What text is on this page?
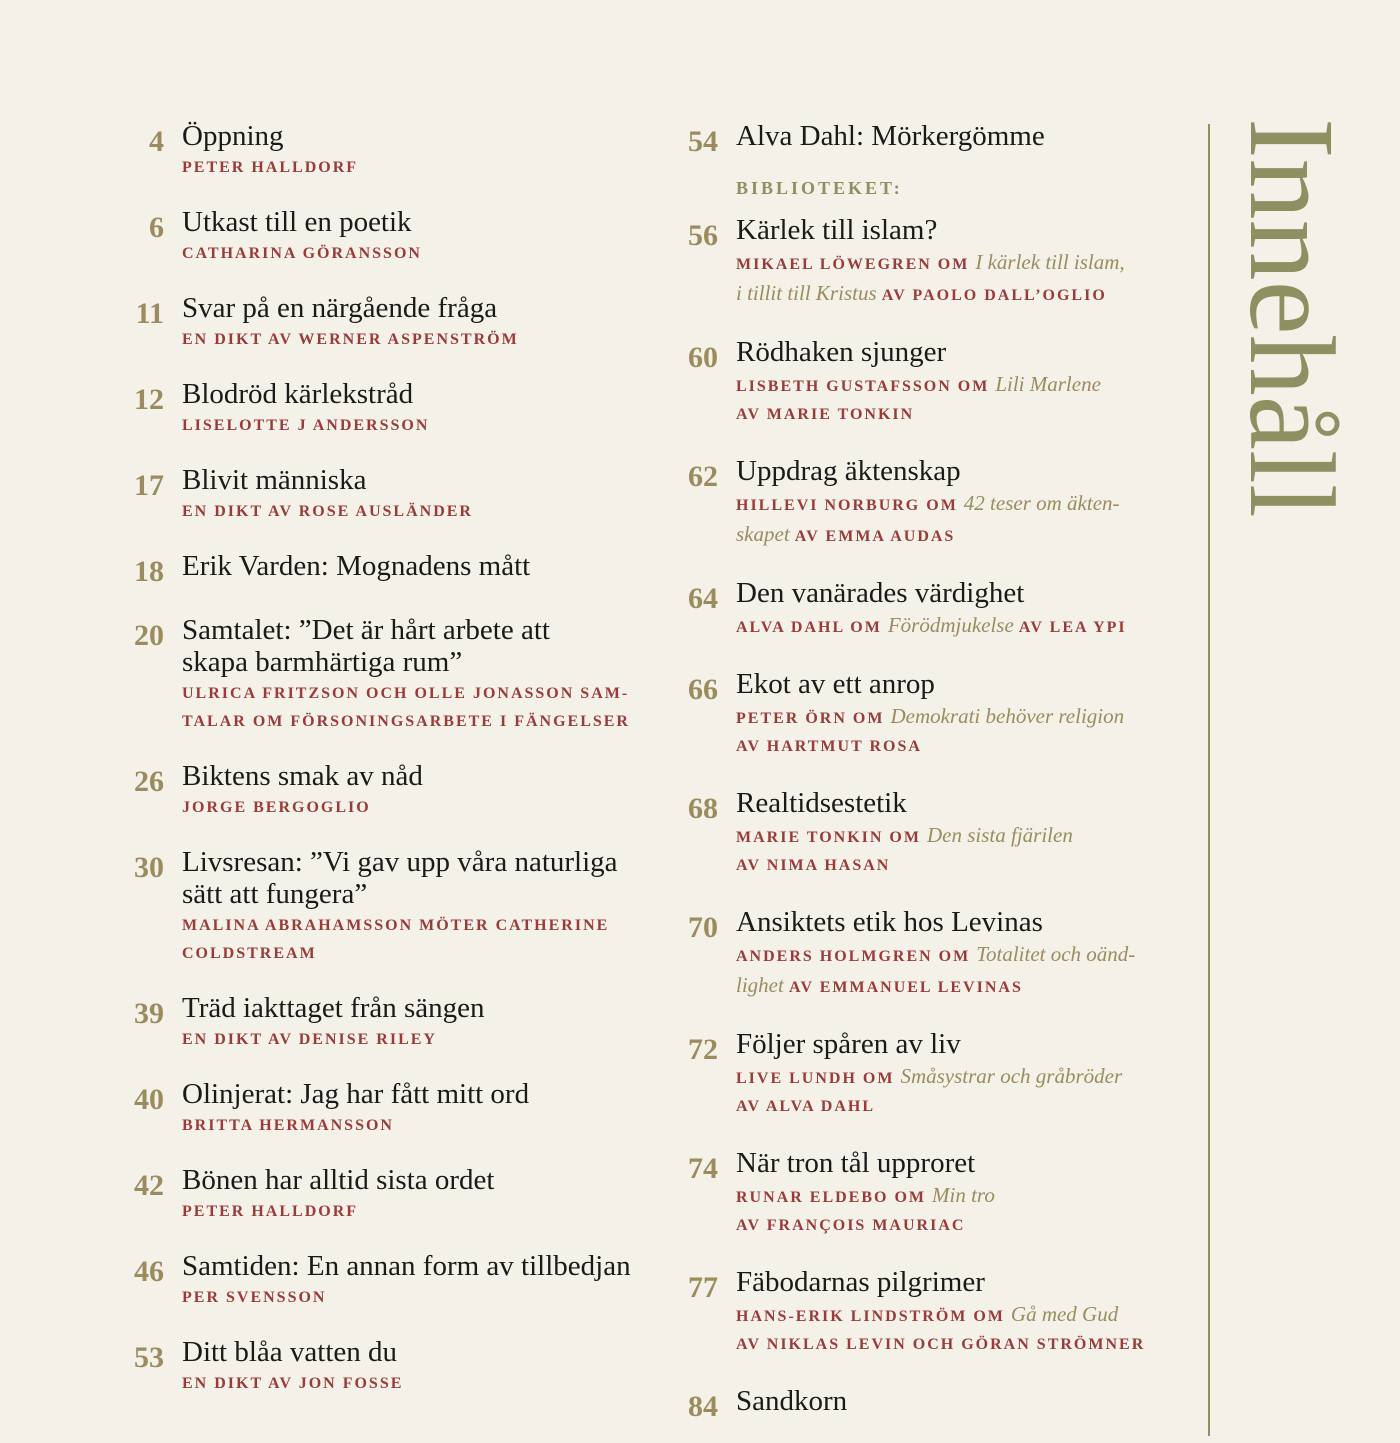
4 Öppning
PETER HALLDORF
6 Utkast till en poetik
CATHARINA GÖRANSSON
11 Svar på en närgående fråga
EN DIKT AV WERNER ASPENSTRÖM
12 Blodröd kärlekstråd
LISELOTTE J ANDERSSON
17 Blivit människa
EN DIKT AV ROSE AUSLÄNDER
18 Erik Varden: Mognadens mått
20 Samtalet: ”Det är hårt arbete att
skapa barmhärtiga rum”
ULRICA FRITZSON OCH OLLE JONASSON SAM-
TALAR OM FÖRSONINGSARBETE I FÄNGELSER
26 Biktens smak av nåd
JORGE BERGOGLIO
30 Livsresan: ”Vi gav upp våra naturliga
sätt att fungera”
MALINA ABRAHAMSSON MÖTER CATHERINE
COLDSTREAM
39 Träd iakttaget från sängen
EN DIKT AV DENISE RILEY
40 Olinjerat: Jag har fått mitt ord
BRITTA HERMANSSON
42 Bönen har alltid sista ordet
PETER HALLDORF
46 Samtiden: En annan form av tillbedjan
PER SVENSSON
53 Ditt blåa vatten du
EN DIKT AV JON FOSSE
54 Alva Dahl: Mörkergömme
BIBLIOTEKET:
56 Kärlek till islam?
MIKAEL LÖWEGREN OM I kärlek till islam,
i tillit till Kristus AV PAOLO DALL’OGLIO
60 Rödhaken sjunger
LISBETH GUSTAFSSON OM Lili Marlene
AV MARIE TONKIN
62 Uppdrag äktenskap
HILLEVI NORBURG OM 42 teser om äkten-
skapet AV EMMA AUDAS
64 Den vanärades värdighet
ALVA DAHL OM Förödmjukelse AV LEA YPI
66 Ekot av ett anrop
PETER ÖRN OM Demokrati behöver religion
AV HARTMUT ROSA
68 Realtidsestetik
MARIE TONKIN OM Den sista fjärilen
AV NIMA HASAN
70 Ansiktets etik hos Levinas
ANDERS HOLMGREN OM Totalitet och oänd-
lighet AV EMMANUEL LEVINAS
72 Följer spåren av liv
LIVE LUNDH OM Småsystrar och gråbröder
AV ALVA DAHL
74 När tron tål upproret
RUNAR ELDEBO OM Min tro
AV FRANÇOIS MAURIAC
77 Fäbodarnas pilgrimer
HANS-ERIK LINDSTRÖM OM Gå med Gud
AV NIKLAS LEVIN OCH GÖRAN STRÖMNER
84 Sandkorn
Innehåll
